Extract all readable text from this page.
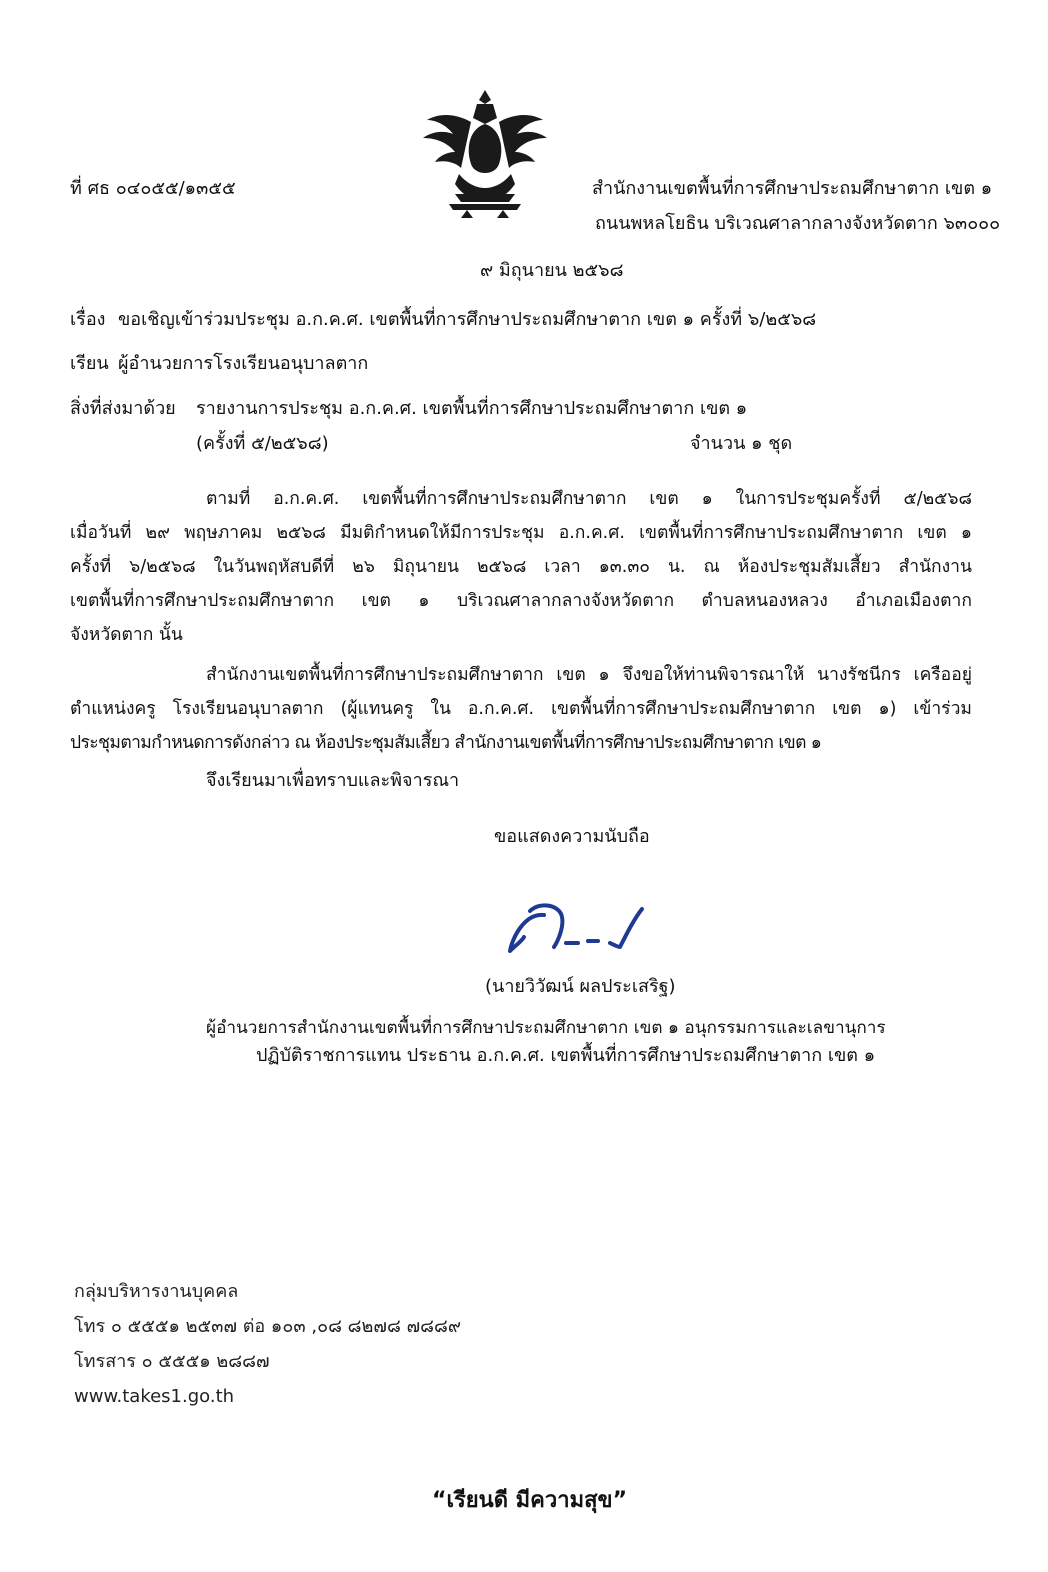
ที่ ศธ ๐๔๐๕๕/๑๓๕๕	สำนักงานเขตพื้นที่การศึกษาประถมศึกษาตาก เขต ๑
ถนนพหลโยธิน บริเวณศาลากลางจังหวัดตาก ๖๓๐๐๐
๙ มิถุนายน ๒๕๖๘
เรื่อง ขอเชิญเข้าร่วมประชุม อ.ก.ค.ศ. เขตพื้นที่การศึกษาประถมศึกษาตาก เขต ๑ ครั้งที่ ๖/๒๕๖๘
เรียน ผู้อำนวยการโรงเรียนอนุบาลตาก
สิ่งที่ส่งมาด้วย รายงานการประชุม อ.ก.ค.ศ. เขตพื้นที่การศึกษาประถมศึกษาตาก เขต ๑
(ครั้งที่ ๕/๒๕๖๘)	จำนวน ๑ ชุด
ตามที่ อ.ก.ค.ศ. เขตพื้นที่การศึกษาประถมศึกษาตาก เขต ๑ ในการประชุมครั้งที่ ๕/๒๕๖๘
เมื่อวันที่ ๒๙ พฤษภาคม ๒๕๖๘ มีมติกำหนดให้มีการประชุม อ.ก.ค.ศ. เขตพื้นที่การศึกษาประถมศึกษาตาก เขต ๑
ครั้งที่ ๖/๒๕๖๘ ในวันพฤหัสบดีที่ ๒๖ มิถุนายน ๒๕๖๘ เวลา ๑๓.๓๐ น. ณ ห้องประชุมสัมเสี้ยว สำนักงาน
เขตพื้นที่การศึกษาประถมศึกษาตาก เขต ๑ บริเวณศาลากลางจังหวัดตาก ตำบลหนองหลวง อำเภอเมืองตาก
จังหวัดตาก นั้น
สำนักงานเขตพื้นที่การศึกษาประถมศึกษาตาก เขต ๑ จึงขอให้ท่านพิจารณาให้ นางรัชนีกร เครืออยู่
ตำแหน่งครู โรงเรียนอนุบาลตาก (ผู้แทนครู ใน อ.ก.ค.ศ. เขตพื้นที่การศึกษาประถมศึกษาตาก เขต ๑) เข้าร่วม
ประชุมตามกำหนดการดังกล่าว ณ ห้องประชุมสัมเสี้ยว สำนักงานเขตพื้นที่การศึกษาประถมศึกษาตาก เขต ๑
จึงเรียนมาเพื่อทราบและพิจารณา
ขอแสดงความนับถือ
(นายวิวัฒน์ ผลประเสริฐ)
ผู้อำนวยการสำนักงานเขตพื้นที่การศึกษาประถมศึกษาตาก เขต ๑ อนุกรรมการและเลขานุการ
ปฏิบัติราชการแทน ประธาน อ.ก.ค.ศ. เขตพื้นที่การศึกษาประถมศึกษาตาก เขต ๑
กลุ่มบริหารงานบุคคล
โทร ๐ ๕๕๕๑ ๒๕๓๗ ต่อ ๑๐๓ ,๐๘ ๘๒๗๘ ๗๘๘๙
โทรสาร ๐ ๕๕๕๑ ๒๘๘๗
www.takes1.go.th
“เรียนดี มีความสุข”
